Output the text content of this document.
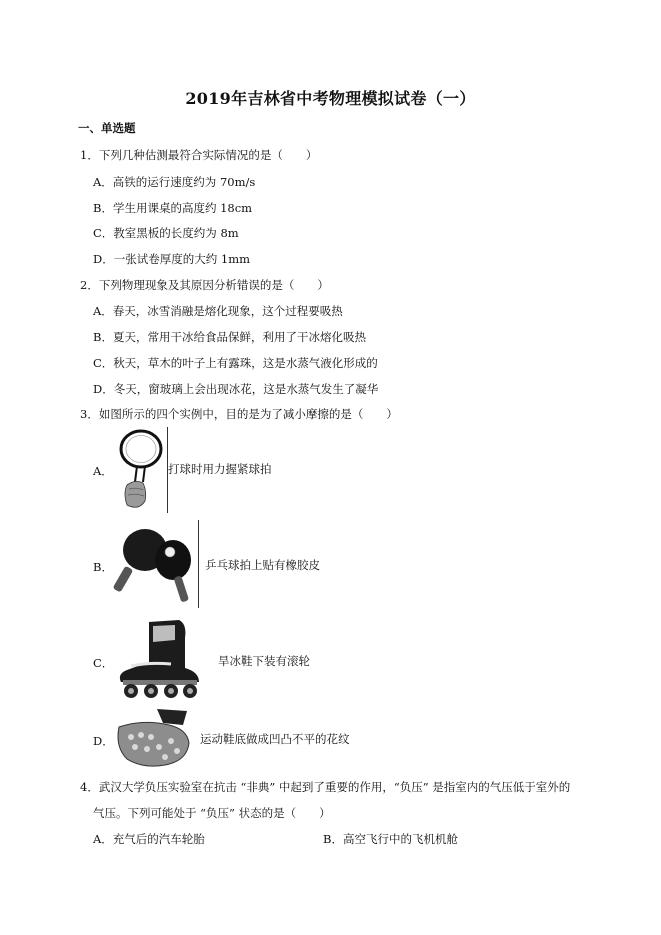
2019年吉林省中考物理模拟试卷（一）
一、单选题
1．下列几种估测最符合实际情况的是（　　）
A．高铁的运行速度约为 70m/s
B．学生用课桌的高度约 18cm
C．教室黑板的长度约为 8m
D．一张试卷厚度的大约 1mm
2．下列物理现象及其原因分析错误的是（　　）
A．春天，冰雪消融是熔化现象，这个过程要吸热
B．夏天，常用干冰给食品保鲜，利用了干冰熔化吸热
C．秋天，草木的叶子上有露珠，这是水蒸气液化形成的
D．冬天，窗玻璃上会出现冰花，这是水蒸气发生了凝华
3．如图所示的四个实例中，目的是为了减小摩擦的是（　　）
A．	打球时用力握紧球拍
B．	乒乓球拍上贴有橡胶皮
C．	旱冰鞋下装有滚轮
D．	运动鞋底做成凹凸不平的花纹
4．武汉大学负压实验室在抗击 “非典” 中起到了重要的作用，“负压” 是指室内的气压低于室外的
气压。下列可能处于 “负压” 状态的是（　　）
A．充气后的汽车轮胎	B．高空飞行中的飞机机舱
